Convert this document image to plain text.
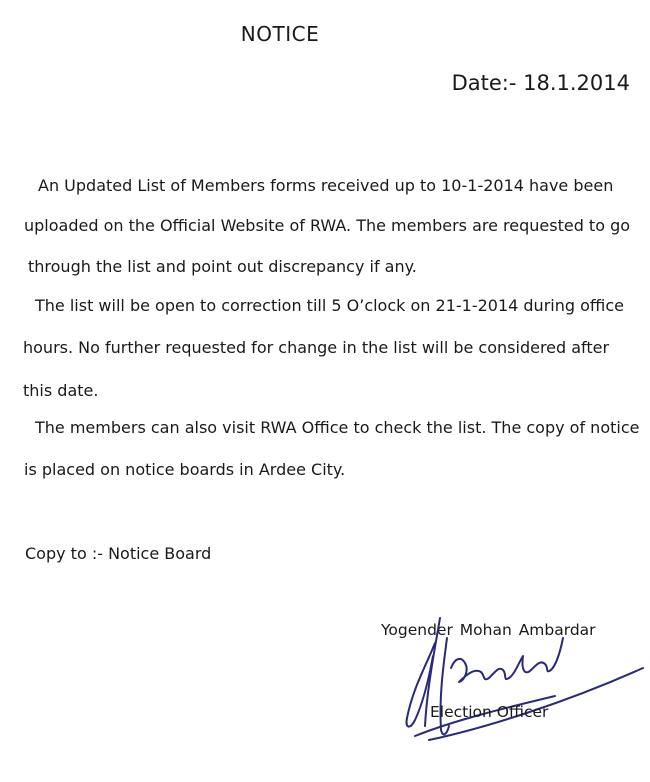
NOTICE
Date:- 18.1.2014
An Updated List of Members forms received up to 10-1-2014 have been
uploaded on the Official Website of RWA. The members are requested to go
through the list and point out discrepancy if any.
The list will be open to correction till 5 O’clock on 21-1-2014 during office
hours. No further requested for change in the list will be considered after
this date.
The members can also visit RWA Office to check the list. The copy of notice
is placed on notice boards in Ardee City.
Copy to :- Notice Board
Yogender Mohan Ambardar
Election Officer
